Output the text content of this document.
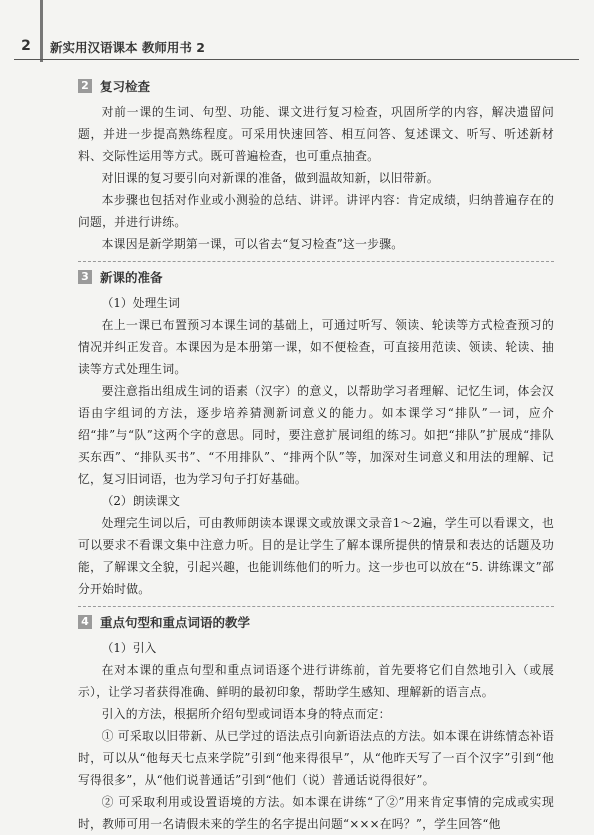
2	新实用汉语课本 教师用书 2
2 复习检查

对前一课的生词、句型、功能、课文进行复习检查，巩固所学的内容，解决遗留问题，并进一步提高熟练程度。可采用快速回答、相互问答、复述课文、听写、听述新材料、交际性运用等方式。既可普遍检查，也可重点抽查。

对旧课的复习要引向对新课的准备，做到温故知新，以旧带新。

本步骤也包括对作业或小测验的总结、讲评。讲评内容：肯定成绩，归纳普遍存在的问题，并进行讲练。

本课因是新学期第一课，可以省去“复习检查”这一步骤。

3 新课的准备

（1）处理生词

在上一课已布置预习本课生词的基础上，可通过听写、领读、轮读等方式检查预习的情况并纠正发音。本课因为是本册第一课，如不便检查，可直接用范读、领读、轮读、抽读等方式处理生词。

要注意指出组成生词的语素（汉字）的意义，以帮助学习者理解、记忆生词，体会汉语由字组词的方法，逐步培养猜测新词意义的能力。如本课学习“排队”一词，应介绍“排”与“队”这两个字的意思。同时，要注意扩展词组的练习。如把“排队”扩展成“排队买东西”、“排队买书”、“不用排队”、“排两个队”等，加深对生词意义和用法的理解、记忆，复习旧词语，也为学习句子打好基础。

（2）朗读课文

处理完生词以后，可由教师朗读本课课文或放课文录音1～2遍，学生可以看课文，也可以要求不看课文集中注意力听。目的是让学生了解本课所提供的情景和表达的话题及功能，了解课文全貌，引起兴趣，也能训练他们的听力。这一步也可以放在“5. 讲练课文”部分开始时做。

4 重点句型和重点词语的教学

（1）引入

在对本课的重点句型和重点词语逐个进行讲练前，首先要将它们自然地引入（或展示），让学习者获得准确、鲜明的最初印象，帮助学生感知、理解新的语言点。

引入的方法，根据所介绍句型或词语本身的特点而定：

① 可采取以旧带新、从已学过的语法点引向新语法点的方法。如本课在讲练情态补语时，可以从“他每天七点来学院”引到“他来得很早”，从“他昨天写了一百个汉字”引到“他写得很多”，从“他们说普通话”引到“他们（说）普通话说得很好”。

② 可采取利用或设置语境的方法。如本课在讲练“了②”用来肯定事情的完成或实现时，教师可用一名请假未来的学生的名字提出问题“×××在吗？”，学生回答“他
